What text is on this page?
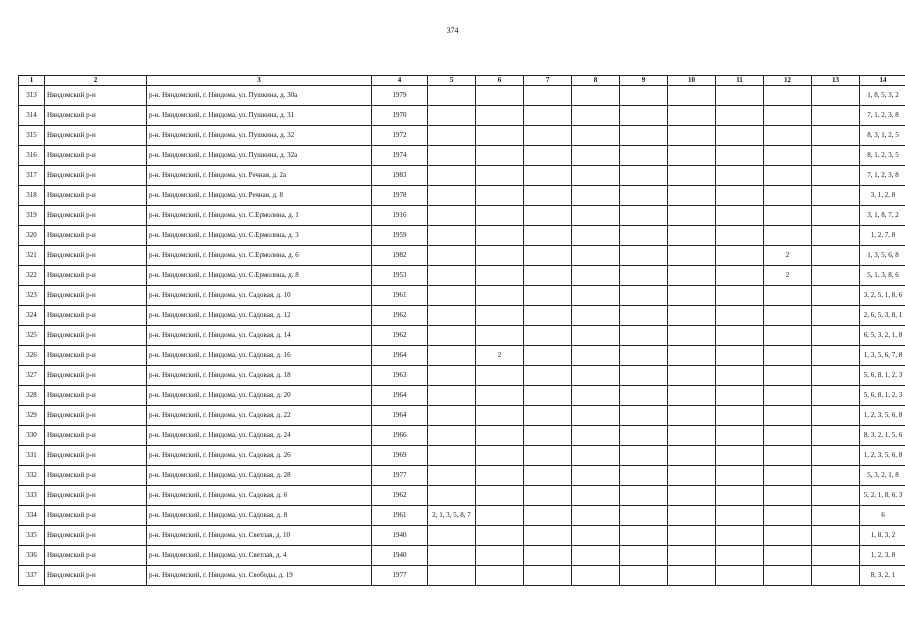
374
1	2	3	4	5	6	7	8	9	10	11	12	13	14
313	Няндомский р-н	р-н. Няндомский, г. Няндома, ул. Пушкина, д. 30а	1979										1, 8, 5, 3, 2
314	Няндомский р-н	р-н. Няндомский, г. Няндома, ул. Пушкина, д. 31	1970										7, 1, 2, 3, 8
315	Няндомский р-н	р-н. Няндомский, г. Няндома, ул. Пушкина, д. 32	1972										8, 3, 1, 2, 5
316	Няндомский р-н	р-н. Няндомский, г. Няндома, ул. Пушкина, д. 32а	1974										8, 1, 2, 3, 5
317	Няндомский р-н	р-н. Няндомский, г. Няндома, ул. Речная, д. 2а	1983										7, 1, 2, 3, 8
318	Няндомский р-н	р-н. Няндомский, г. Няндома, ул. Речная, д. 8	1978										3, 1, 2, 8
319	Няндомский р-н	р-н. Няндомский, г. Няндома, ул. С.Ермолина, д. 1	1916										3, 1, 8, 7, 2
320	Няндомский р-н	р-н. Няндомский, г. Няндома, ул. С.Ермолина, д. 3	1959										1, 2, 7, 8
321	Няндомский р-н	р-н. Няндомский, г. Няндома, ул. С.Ермолина, д. 6	1982								2		1, 3, 5, 6, 8
322	Няндомский р-н	р-н. Няндомский, г. Няндома, ул. С.Ермолина, д. 8	1953								2		5, 1, 3, 8, 6
323	Няндомский р-н	р-н. Няндомский, г. Няндома, ул. Садовая, д. 10	1961										3, 2, 5, 1, 8, 6
324	Няндомский р-н	р-н. Няндомский, г. Няндома, ул. Садовая, д. 12	1962										2, 6, 5, 3, 8, 1
325	Няндомский р-н	р-н. Няндомский, г. Няндома, ул. Садовая, д. 14	1962										6, 5, 3, 2, 1, 8
326	Няндомский р-н	р-н. Няндомский, г. Няндома, ул. Садовая, д. 16	1964		2								1, 3, 5, 6, 7, 8
327	Няндомский р-н	р-н. Няндомский, г. Няндома, ул. Садовая, д. 18	1963										5, 6, 8, 1, 2, 3
328	Няндомский р-н	р-н. Няндомский, г. Няндома, ул. Садовая, д. 20	1964										5, 6, 8, 1, 2, 3
329	Няндомский р-н	р-н. Няндомский, г. Няндома, ул. Садовая, д. 22	1964										1, 2, 3, 5, 6, 8
330	Няндомский р-н	р-н. Няндомский, г. Няндома, ул. Садовая, д. 24	1966										8, 3, 2, 1, 5, 6
331	Няндомский р-н	р-н. Няндомский, г. Няндома, ул. Садовая, д. 26	1969										1, 2, 3, 5, 6, 8
332	Няндомский р-н	р-н. Няндомский, г. Няндома, ул. Садовая, д. 28	1977										5, 3, 2, 1, 8
333	Няндомский р-н	р-н. Няндомский, г. Няндома, ул. Садовая, д. 6	1962										5, 2, 1, 8, 6, 3
334	Няндомский р-н	р-н. Няндомский, г. Няндома, ул. Садовая, д. 8	1961	2, 1, 3, 5, 8, 7									6
335	Няндомский р-н	р-н. Няндомский, г. Няндома, ул. Светлая, д. 10	1940										1, 8, 3, 2
336	Няндомский р-н	р-н. Няндомский, г. Няндома, ул. Светлая, д. 4	1940										1, 2, 3, 8
337	Няндомский р-н	р-н. Няндомский, г. Няндома, ул. Свободы, д. 19	1977										8, 3, 2, 1
